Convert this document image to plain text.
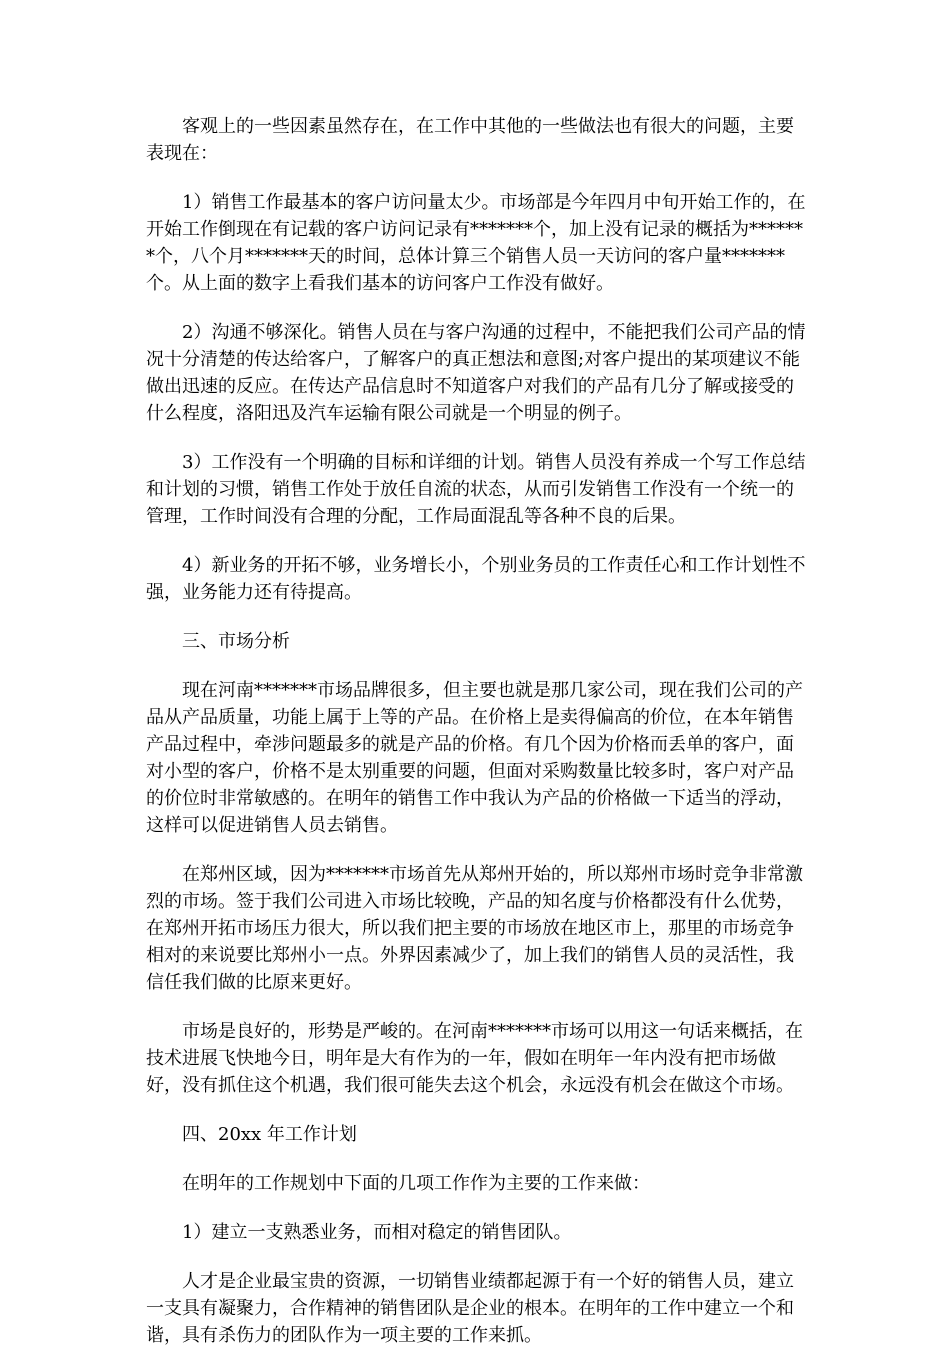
客观上的一些因素虽然存在，在工作中其他的一些做法也有很大的问题，主要表现在：

1）销售工作最基本的客户访问量太少。市场部是今年四月中旬开始工作的，在开始工作倒现在有记载的客户访问记录有*******个，加上没有记录的概括为*******个，八个月*******天的时间，总体计算三个销售人员一天访问的客户量*******个。从上面的数字上看我们基本的访问客户工作没有做好。

2）沟通不够深化。销售人员在与客户沟通的过程中，不能把我们公司产品的情况十分清楚的传达给客户，了解客户的真正想法和意图;对客户提出的某项建议不能做出迅速的反应。在传达产品信息时不知道客户对我们的产品有几分了解或接受的什么程度，洛阳迅及汽车运输有限公司就是一个明显的例子。

3）工作没有一个明确的目标和详细的计划。销售人员没有养成一个写工作总结和计划的习惯，销售工作处于放任自流的状态，从而引发销售工作没有一个统一的管理，工作时间没有合理的分配，工作局面混乱等各种不良的后果。

4）新业务的开拓不够，业务增长小，个别业务员的工作责任心和工作计划性不强，业务能力还有待提高。

三、市场分析

现在河南*******市场品牌很多，但主要也就是那几家公司，现在我们公司的产品从产品质量，功能上属于上等的产品。在价格上是卖得偏高的价位，在本年销售产品过程中，牵涉问题最多的就是产品的价格。有几个因为价格而丢单的客户，面对小型的客户，价格不是太别重要的问题，但面对采购数量比较多时，客户对产品的价位时非常敏感的。在明年的销售工作中我认为产品的价格做一下适当的浮动，这样可以促进销售人员去销售。

在郑州区域，因为*******市场首先从郑州开始的，所以郑州市场时竞争非常激烈的市场。签于我们公司进入市场比较晚，产品的知名度与价格都没有什么优势，在郑州开拓市场压力很大，所以我们把主要的市场放在地区市上，那里的市场竞争相对的来说要比郑州小一点。外界因素减少了，加上我们的销售人员的灵活性，我信任我们做的比原来更好。

市场是良好的，形势是严峻的。在河南*******市场可以用这一句话来概括，在技术进展飞快地今日，明年是大有作为的一年，假如在明年一年内没有把市场做好，没有抓住这个机遇，我们很可能失去这个机会，永远没有机会在做这个市场。

四、20xx 年工作计划

在明年的工作规划中下面的几项工作作为主要的工作来做：

1）建立一支熟悉业务，而相对稳定的销售团队。

人才是企业最宝贵的资源，一切销售业绩都起源于有一个好的销售人员，建立一支具有凝聚力，合作精神的销售团队是企业的根本。在明年的工作中建立一个和谐，具有杀伤力的团队作为一项主要的工作来抓。
